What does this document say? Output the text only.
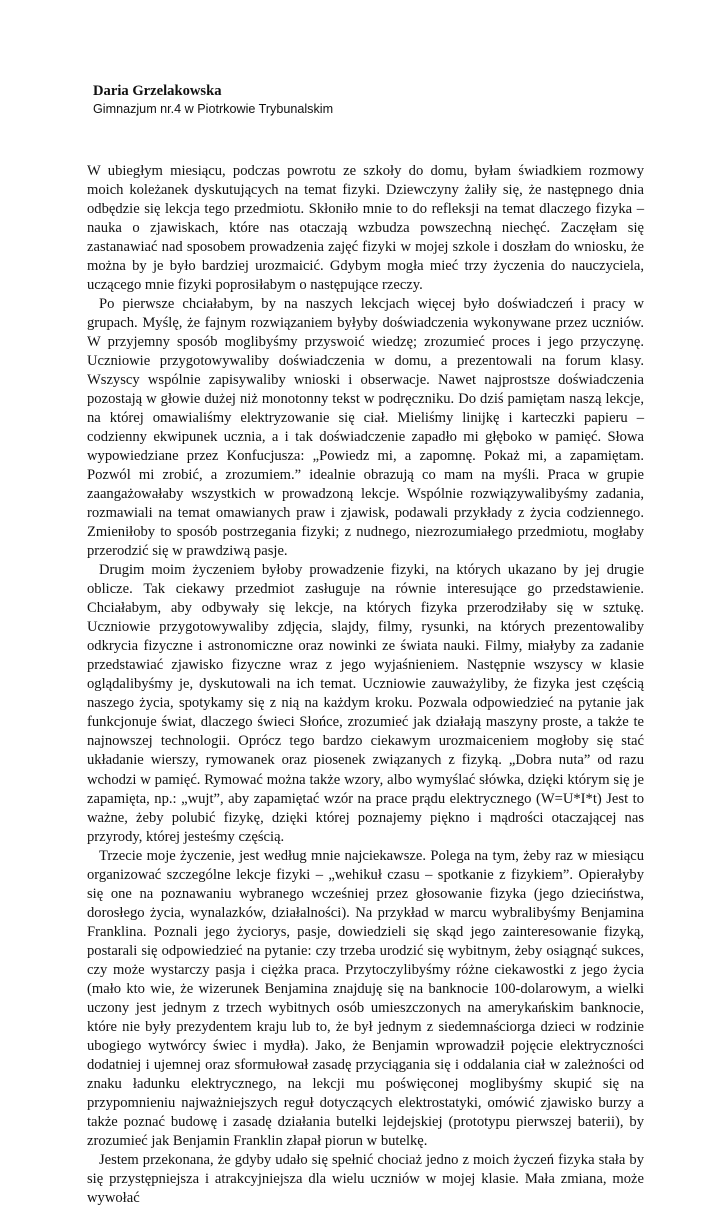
Daria Grzelakowska
Gimnazjum nr.4 w Piotrkowie Trybunalskim

W ubiegłym miesiącu, podczas powrotu ze szkoły do domu, byłam świadkiem rozmowy moich koleżanek dyskutujących na temat fizyki. Dziewczyny żaliły się, że następnego dnia odbędzie się lekcja tego przedmiotu. Skłoniło mnie to do refleksji na temat dlaczego fizyka – nauka o zjawiskach, które nas otaczają wzbudza powszechną niechęć. Zaczęłam się zastanawiać nad sposobem prowadzenia zajęć fizyki w mojej szkole i doszłam do wniosku, że można by je było bardziej urozmaicić. Gdybym mogła mieć trzy życzenia do nauczyciela, uczącego mnie fizyki poprosiłabym o następujące rzeczy.

Po pierwsze chciałabym, by na naszych lekcjach więcej było doświadczeń i pracy w grupach. Myślę, że fajnym rozwiązaniem byłyby doświadczenia wykonywane przez uczniów. W przyjemny sposób moglibyśmy przyswoić wiedzę; zrozumieć proces i jego przyczynę. Uczniowie przygotowywaliby doświadczenia w domu, a prezentowali na forum klasy. Wszyscy wspólnie zapisywaliby wnioski i obserwacje. Nawet najprostsze doświadczenia pozostają w głowie dużej niż monotonny tekst w podręczniku. Do dziś pamiętam naszą lekcje, na której omawialiśmy elektryzowanie się ciał. Mieliśmy linijkę i karteczki papieru – codzienny ekwipunek ucznia, a i tak doświadczenie zapadło mi głęboko w pamięć. Słowa wypowiedziane przez Konfucjusza: „Powiedz mi, a zapomnę. Pokaż mi, a zapamiętam. Pozwól mi zrobić, a zrozumiem.” idealnie obrazują co mam na myśli. Praca w grupie zaangażowałaby wszystkich w prowadzoną lekcje. Wspólnie rozwiązywalibyśmy zadania, rozmawiali na temat omawianych praw i zjawisk, podawali przykłady z życia codziennego. Zmieniłoby to sposób postrzegania fizyki; z nudnego, niezrozumiałego przedmiotu, mogłaby przerodzić się w prawdziwą pasje.

Drugim moim życzeniem byłoby prowadzenie fizyki, na których ukazano by jej drugie oblicze. Tak ciekawy przedmiot zasługuje na równie interesujące go przedstawienie. Chciałabym, aby odbywały się lekcje, na których fizyka przerodziłaby się w sztukę. Uczniowie przygotowywaliby zdjęcia, slajdy, filmy, rysunki, na których prezentowaliby odkrycia fizyczne i astronomiczne oraz nowinki ze świata nauki. Filmy, miałyby za zadanie przedstawiać zjawisko fizyczne wraz z jego wyjaśnieniem. Następnie wszyscy w klasie oglądalibyśmy je, dyskutowali na ich temat. Uczniowie zauważyliby, że fizyka jest częścią naszego życia, spotykamy się z nią na każdym kroku. Pozwala odpowiedzieć na pytanie jak funkcjonuje świat, dlaczego świeci Słońce, zrozumieć jak działają maszyny proste, a także te najnowszej technologii. Oprócz tego bardzo ciekawym urozmaiceniem mogłoby się stać układanie wierszy, rymowanek oraz piosenek związanych z fizyką. „Dobra nuta” od razu wchodzi w pamięć. Rymować można także wzory, albo wymyślać słówka, dzięki którym się je zapamięta, np.: „wujt”, aby zapamiętać wzór na prace prądu elektrycznego (W=U*I*t) Jest to ważne, żeby polubić fizykę, dzięki której poznajemy piękno i mądrości otaczającej nas przyrody, której jesteśmy częścią.

Trzecie moje życzenie, jest według mnie najciekawsze. Polega na tym, żeby raz w miesiącu organizować szczególne lekcje fizyki – „wehikuł czasu – spotkanie z fizykiem”. Opierałyby się one na poznawaniu wybranego wcześniej przez głosowanie fizyka (jego dzieciństwa, dorosłego życia, wynalazków, działalności). Na przykład w marcu wybralibyśmy Benjamina Franklina. Poznali jego życiorys, pasje, dowiedzieli się skąd jego zainteresowanie fizyką, postarali się odpowiedzieć na pytanie: czy trzeba urodzić się wybitnym, żeby osiągnąć sukces, czy może wystarczy pasja i ciężka praca. Przytoczylibyśmy różne ciekawostki z jego życia (mało kto wie, że wizerunek Benjamina znajduję się na banknocie 100-dolarowym, a wielki uczony jest jednym z trzech wybitnych osób umieszczonych na amerykańskim banknocie, które nie były prezydentem kraju lub to, że był jednym z siedemnaściorga dzieci w rodzinie ubogiego wytwórcy świec i mydła). Jako, że Benjamin wprowadził pojęcie elektryczności dodatniej i ujemnej oraz sformułował zasadę przyciągania się i oddalania ciał w zależności od znaku ładunku elektrycznego, na lekcji mu poświęconej moglibyśmy skupić się na przypomnieniu najważniejszych reguł dotyczących elektrostatyki, omówić zjawisko burzy a także poznać budowę i zasadę działania butelki lejdejskiej (prototypu pierwszej baterii), by zrozumieć jak Benjamin Franklin złapał piorun w butelkę.

Jestem przekonana, że gdyby udało się spełnić chociaż jedno z moich życzeń fizyka stała by się przystępniejsza i atrakcyjniejsza dla wielu uczniów w mojej klasie. Mała zmiana, może wywołać
